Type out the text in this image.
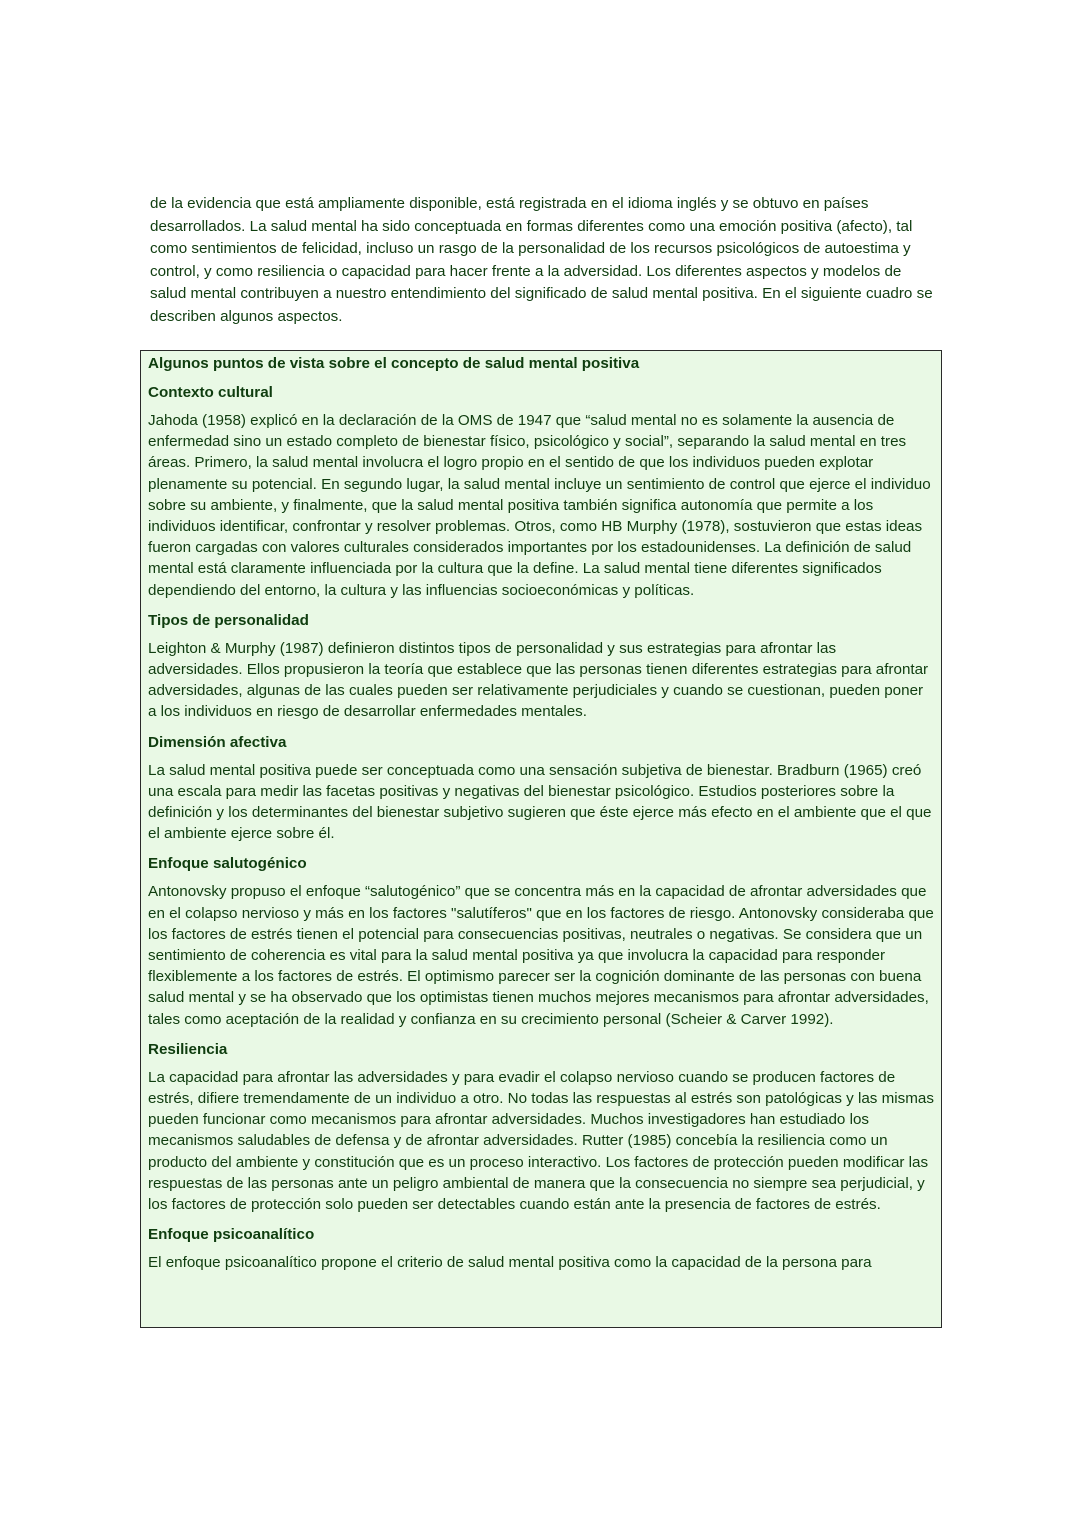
de la evidencia que está ampliamente disponible, está registrada en el idioma inglés y se obtuvo en países desarrollados. La salud mental ha sido conceptuada en formas diferentes como una emoción positiva (afecto), tal como sentimientos de felicidad, incluso un rasgo de la personalidad de los recursos psicológicos de autoestima y control, y como resiliencia o capacidad para hacer frente a la adversidad. Los diferentes aspectos y modelos de salud mental contribuyen a nuestro entendimiento del significado de salud mental positiva. En el siguiente cuadro se describen algunos aspectos.

Algunos puntos de vista sobre el concepto de salud mental positiva
Contexto cultural
Jahoda (1958) explicó en la declaración de la OMS de 1947 que “salud mental no es solamente la ausencia de enfermedad sino un estado completo de bienestar físico, psicológico y social”, separando la salud mental en tres áreas. Primero, la salud mental involucra el logro propio en el sentido de que los individuos pueden explotar plenamente su potencial. En segundo lugar, la salud mental incluye un sentimiento de control que ejerce el individuo sobre su ambiente, y finalmente, que la salud mental positiva también significa autonomía que permite a los individuos identificar, confrontar y resolver problemas. Otros, como HB Murphy (1978), sostuvieron que estas ideas fueron cargadas con valores culturales considerados importantes por los estadounidenses. La definición de salud mental está claramente influenciada por la cultura que la define. La salud mental tiene diferentes significados dependiendo del entorno, la cultura y las influencias socioeconómicas y políticas.
Tipos de personalidad
Leighton & Murphy (1987) definieron distintos tipos de personalidad y sus estrategias para afrontar las adversidades. Ellos propusieron la teoría que establece que las personas tienen diferentes estrategias para afrontar adversidades, algunas de las cuales pueden ser relativamente perjudiciales y cuando se cuestionan, pueden poner a los individuos en riesgo de desarrollar enfermedades mentales.
Dimensión afectiva
La salud mental positiva puede ser conceptuada como una sensación subjetiva de bienestar. Bradburn (1965) creó una escala para medir las facetas positivas y negativas del bienestar psicológico. Estudios posteriores sobre la definición y los determinantes del bienestar subjetivo sugieren que éste ejerce más efecto en el ambiente que el que el ambiente ejerce sobre él.
Enfoque salutogénico
Antonovsky propuso el enfoque “salutogénico” que se concentra más en la capacidad de afrontar adversidades que en el colapso nervioso y más en los factores "salutíferos" que en los factores de riesgo. Antonovsky consideraba que los factores de estrés tienen el potencial para consecuencias positivas, neutrales o negativas. Se considera que un sentimiento de coherencia es vital para la salud mental positiva ya que involucra la capacidad para responder flexiblemente a los factores de estrés. El optimismo parecer ser la cognición dominante de las personas con buena salud mental y se ha observado que los optimistas tienen muchos mejores mecanismos para afrontar adversidades, tales como aceptación de la realidad y confianza en su crecimiento personal (Scheier & Carver 1992).
Resiliencia
La capacidad para afrontar las adversidades y para evadir el colapso nervioso cuando se producen factores de estrés, difiere tremendamente de un individuo a otro. No todas las respuestas al estrés son patológicas y las mismas pueden funcionar como mecanismos para afrontar adversidades. Muchos investigadores han estudiado los mecanismos saludables de defensa y de afrontar adversidades. Rutter (1985) concebía la resiliencia como un producto del ambiente y constitución que es un proceso interactivo. Los factores de protección pueden modificar las respuestas de las personas ante un peligro ambiental de manera que la consecuencia no siempre sea perjudicial, y los factores de protección solo pueden ser detectables cuando están ante la presencia de factores de estrés.
Enfoque psicoanalítico
El enfoque psicoanalítico propone el criterio de salud mental positiva como la capacidad de la persona para
